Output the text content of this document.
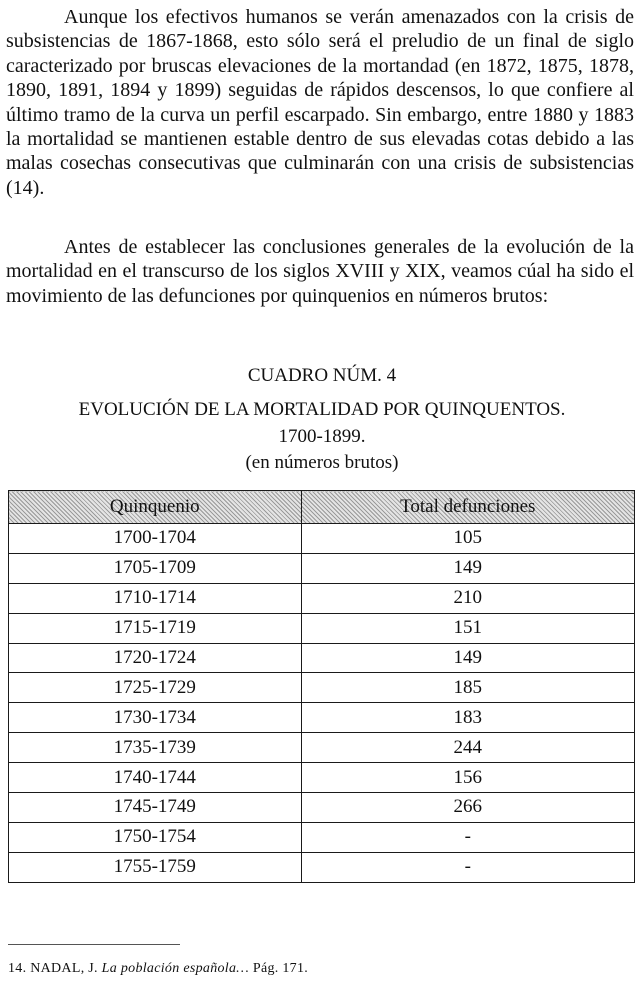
Aunque los efectivos humanos se verán amenazados con la crisis de subsistencias de 1867-1868, esto sólo será el preludio de un final de siglo caracterizado por bruscas elevaciones de la mortandad (en 1872, 1875, 1878, 1890, 1891, 1894 y 1899) seguidas de rápidos descensos, lo que confiere al último tramo de la curva un perfil escarpado. Sin embargo, entre 1880 y 1883 la mortalidad se mantienen estable dentro de sus elevadas cotas debido a las malas cosechas consecutivas que culminarán con una crisis de subsistencias (14).

Antes de establecer las conclusiones generales de la evolución de la mortalidad en el transcurso de los siglos XVIII y XIX, veamos cúal ha sido el movimiento de las defunciones por quinquenios en números brutos:

CUADRO NÚM. 4

EVOLUCIÓN DE LA MORTALIDAD POR QUINQUENTOS.

1700-1899.

(en números brutos)

Quinquenio	Total defunciones
1700-1704	105
1705-1709	149
1710-1714	210
1715-1719	151
1720-1724	149
1725-1729	185
1730-1734	183
1735-1739	244
1740-1744	156
1745-1749	266
1750-1754	-
1755-1759	-

14. NADAL, J. La población española… Pág. 171.
